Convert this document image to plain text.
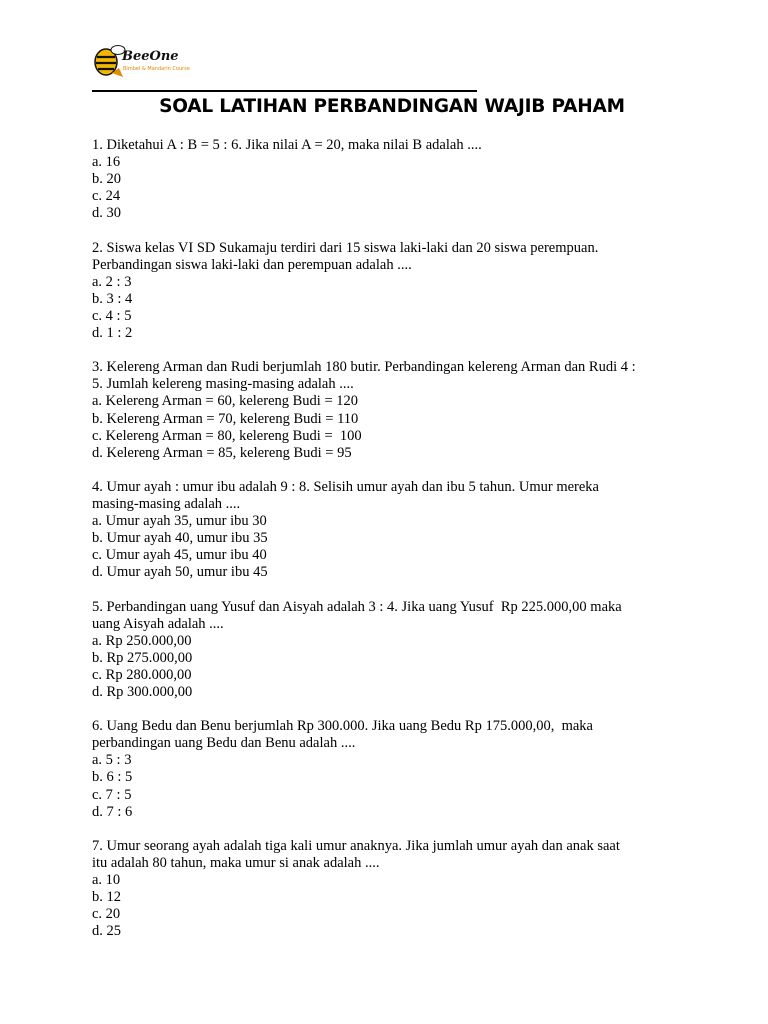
BeeOne
Bimbel & Mandarin Course
SOAL LATIHAN PERBANDINGAN WAJIB PAHAM
1. Diketahui A : B = 5 : 6. Jika nilai A = 20, maka nilai B adalah ....
a. 16
b. 20
c. 24
d. 30
2. Siswa kelas VI SD Sukamaju terdiri dari 15 siswa laki-laki dan 20 siswa perempuan.
Perbandingan siswa laki-laki dan perempuan adalah ....
a. 2 : 3
b. 3 : 4
c. 4 : 5
d. 1 : 2
3. Kelereng Arman dan Rudi berjumlah 180 butir. Perbandingan kelereng Arman dan Rudi 4 :
5. Jumlah kelereng masing-masing adalah ....
a. Kelereng Arman = 60, kelereng Budi = 120
b. Kelereng Arman = 70, kelereng Budi = 110
c. Kelereng Arman = 80, kelereng Budi =  100
d. Kelereng Arman = 85, kelereng Budi = 95
4. Umur ayah : umur ibu adalah 9 : 8. Selisih umur ayah dan ibu 5 tahun. Umur mereka
masing-masing adalah ....
a. Umur ayah 35, umur ibu 30
b. Umur ayah 40, umur ibu 35
c. Umur ayah 45, umur ibu 40
d. Umur ayah 50, umur ibu 45
5. Perbandingan uang Yusuf dan Aisyah adalah 3 : 4. Jika uang Yusuf  Rp 225.000,00 maka
uang Aisyah adalah ....
a. Rp 250.000,00
b. Rp 275.000,00
c. Rp 280.000,00
d. Rp 300.000,00
6. Uang Bedu dan Benu berjumlah Rp 300.000. Jika uang Bedu Rp 175.000,00,  maka
perbandingan uang Bedu dan Benu adalah ....
a. 5 : 3
b. 6 : 5
c. 7 : 5
d. 7 : 6
7. Umur seorang ayah adalah tiga kali umur anaknya. Jika jumlah umur ayah dan anak saat
itu adalah 80 tahun, maka umur si anak adalah ....
a. 10
b. 12
c. 20
d. 25
